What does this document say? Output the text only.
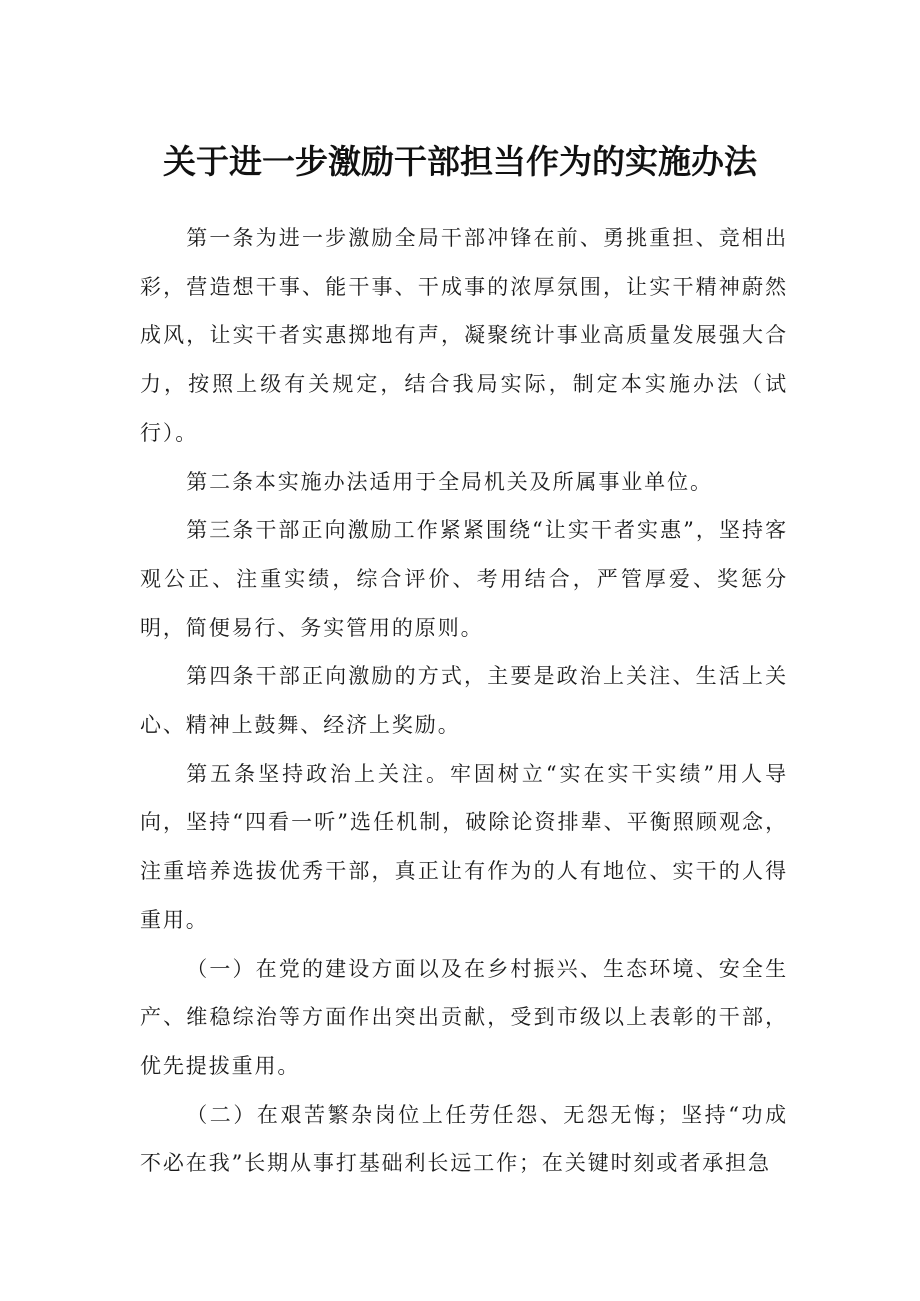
关于进一步激励干部担当作为的实施办法

第一条为进一步激励全局干部冲锋在前、勇挑重担、竞相出彩，营造想干事、能干事、干成事的浓厚氛围，让实干精神蔚然成风，让实干者实惠掷地有声，凝聚统计事业高质量发展强大合力，按照上级有关规定，结合我局实际，制定本实施办法（试行）。

第二条本实施办法适用于全局机关及所属事业单位。

第三条干部正向激励工作紧紧围绕“让实干者实惠”，坚持客观公正、注重实绩，综合评价、考用结合，严管厚爱、奖惩分明，简便易行、务实管用的原则。

第四条干部正向激励的方式，主要是政治上关注、生活上关心、精神上鼓舞、经济上奖励。

第五条坚持政治上关注。牢固树立“实在实干实绩”用人导向，坚持“四看一听”选任机制，破除论资排辈、平衡照顾观念，注重培养选拔优秀干部，真正让有作为的人有地位、实干的人得重用。

（一）在党的建设方面以及在乡村振兴、生态环境、安全生产、维稳综治等方面作出突出贡献，受到市级以上表彰的干部，优先提拔重用。

（二）在艰苦繁杂岗位上任劳任怨、无怨无悔；坚持“功成不必在我”长期从事打基础利长远工作；在关键时刻或者承担急
